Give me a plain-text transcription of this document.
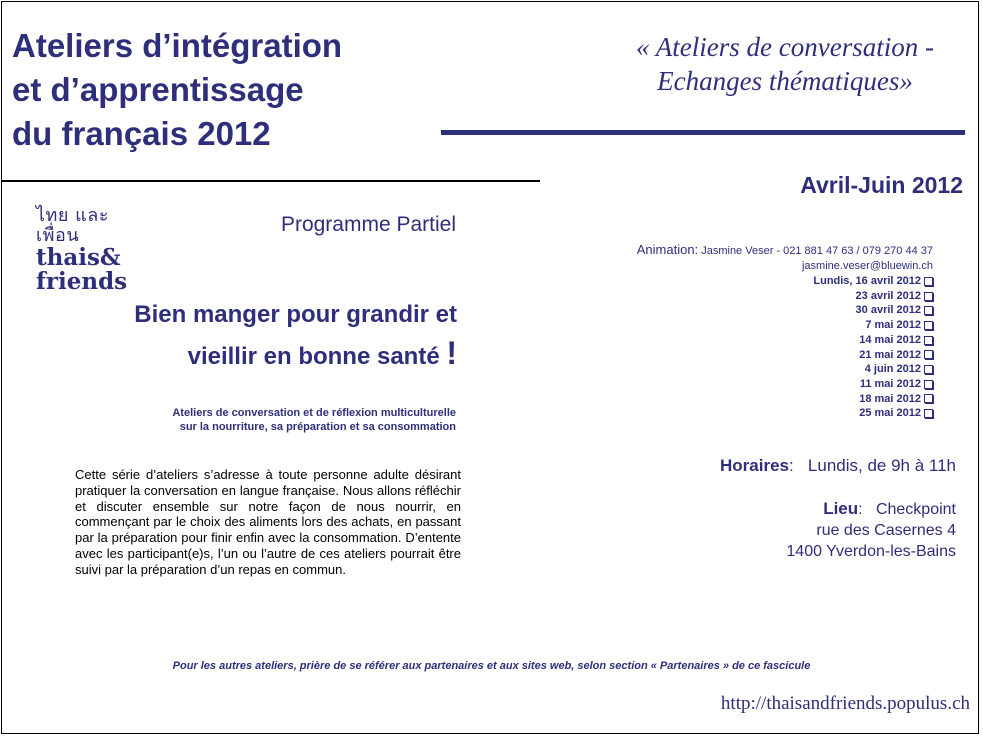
Ateliers d’intégration
et d’apprentissage
du français 2012
« Ateliers de conversation -
Echanges thématiques»
Avril-Juin 2012
ไทย และ เพื่อน
thais&
friends
Programme Partiel
Bien manger pour grandir et
vieillir en bonne santé !
Ateliers de conversation et de réflexion multiculturelle
sur la nourriture, sa préparation et sa consommation
Cette série d’ateliers s’adresse à toute personne adulte désirant pratiquer la conversation en langue française. Nous allons réfléchir et discuter ensemble sur notre façon de nous nourrir, en commençant par le choix des aliments lors des achats, en passant par la préparation pour finir enfin avec la consommation. D’entente avec les participant(e)s, l’un ou l’autre de ces ateliers pourrait être suivi par la préparation d’un repas en commun.
Animation: Jasmine Veser - 021 881 47 63 / 079 270 44 37
jasmine.veser@bluewin.ch
Lundis, 16 avril 2012
23 avril 2012
30 avril 2012
7 mai 2012
14 mai 2012
21 mai 2012
4 juin 2012
11 mai 2012
18 mai 2012
25 mai 2012
Horaires: Lundis, de 9h à 11h
Lieu: Checkpoint
rue des Casernes 4
1400 Yverdon-les-Bains
Pour les autres ateliers, prière de se référer aux partenaires et aux sites web, selon section « Partenaires » de ce fascicule
http://thaisandfriends.populus.ch
